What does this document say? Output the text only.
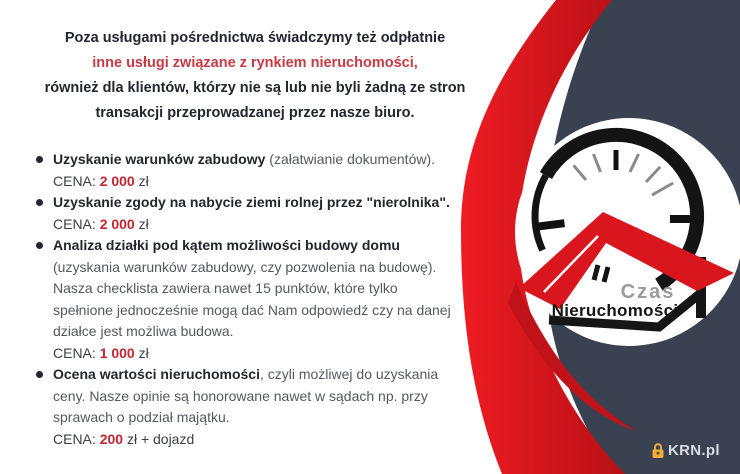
Czas
Nieruchomości
Poza usługami pośrednictwa świadczymy też odpłatnie
inne usługi związane z rynkiem nieruchomości,
również dla klientów, którzy nie są lub nie byli żadną ze stron
transakcji przeprowadzanej przez nasze biuro.
Uzyskanie warunków zabudowy (załatwianie dokumentów).
CENA: 2 000 zł
Uzyskanie zgody na nabycie ziemi rolnej przez "nierolnika".
CENA: 2 000 zł
Analiza działki pod kątem możliwości budowy domu (uzyskania warunków zabudowy, czy pozwolenia na budowę). Nasza checklista zawiera nawet 15 punktów, które tylko spełnione jednocześnie mogą dać Nam odpowiedź czy na danej działce jest możliwa budowa.
CENA: 1 000 zł
Ocena wartości nieruchomości, czyli możliwej do uzyskania ceny. Nasze opinie są honorowane nawet w sądach np. przy sprawach o podział majątku.
CENA: 200 zł + dojazd
KRN.pl
